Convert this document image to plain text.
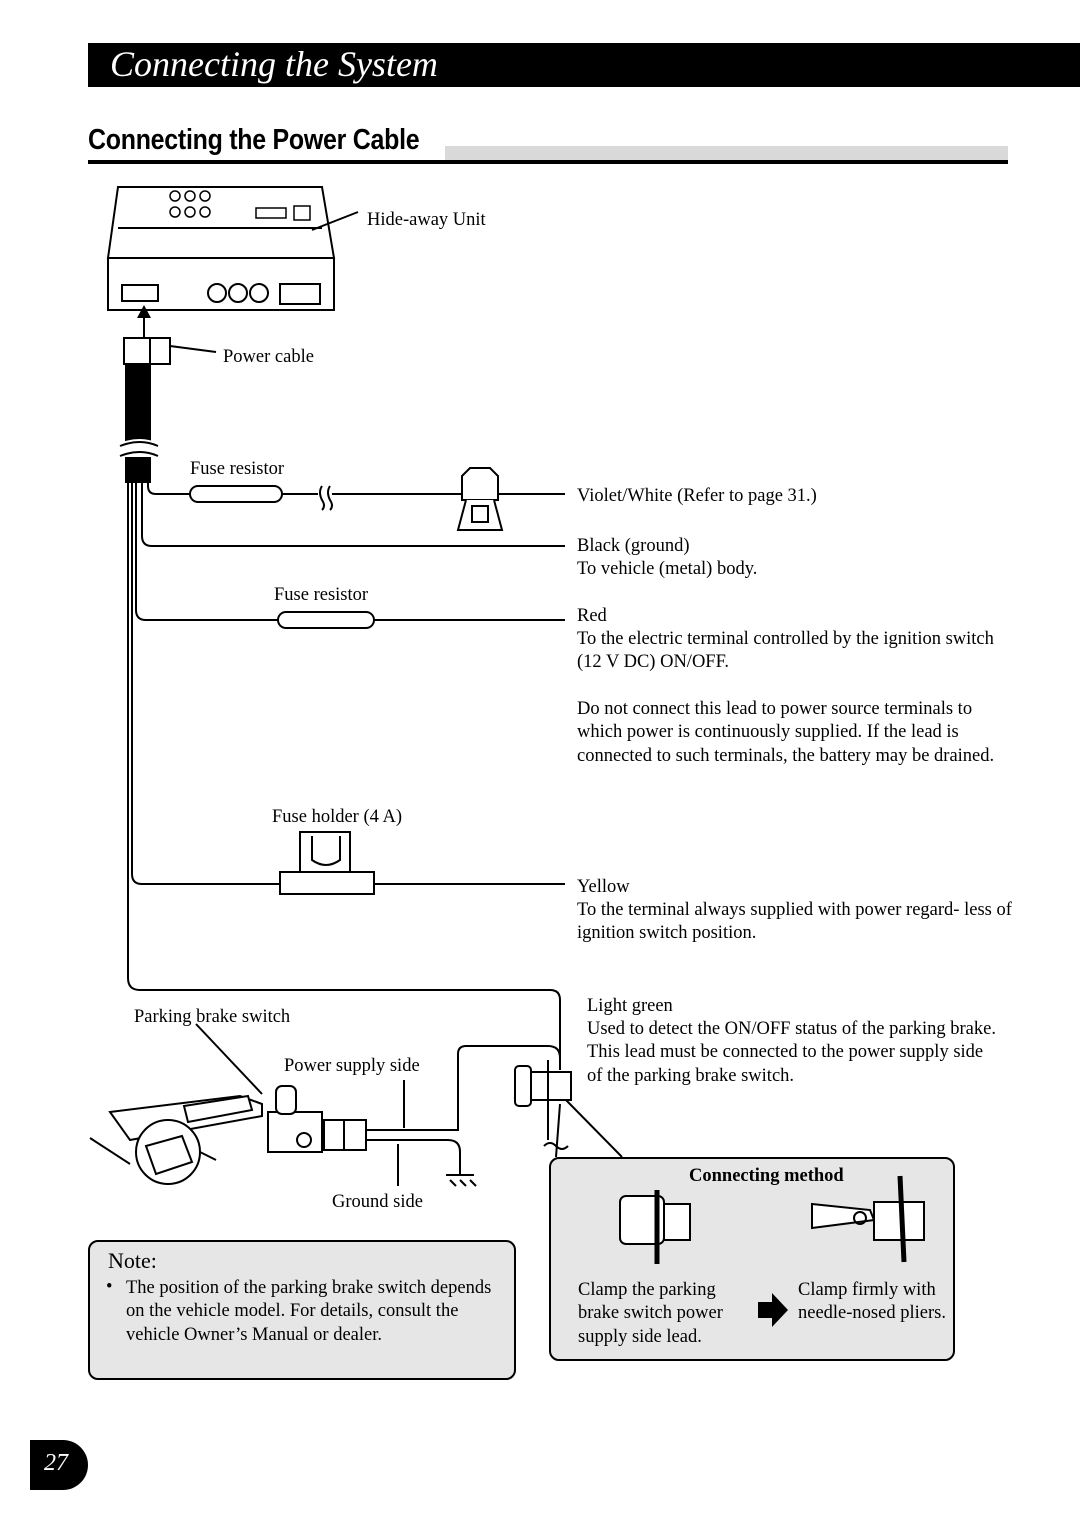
Connecting the System
Connecting the Power Cable
Hide-away Unit
Power cable
Fuse resistor
Fuse resistor
Fuse holder (4 A)
Parking brake switch
Power supply side
Ground side
Violet/White (Refer to page 31.)
Black (ground)
To vehicle (metal) body.
Red
To the electric terminal controlled by the ignition switch (12 V DC) ON/OFF.
Do not connect this lead to power source terminals to which power is continuously supplied. If the lead is connected to such terminals, the battery may be drained.
Yellow
To the terminal always supplied with power regard- less of ignition switch position.
Light green
Used to detect the ON/OFF status of the parking brake. This lead must be connected to the power supply side of the parking brake switch.
Connecting method
Clamp the parking brake switch power supply side lead.
Clamp firmly with needle-nosed pliers.
Note:
• The position of the parking brake switch depends on the vehicle model. For details, consult the vehicle Owner’s Manual or dealer.
27
